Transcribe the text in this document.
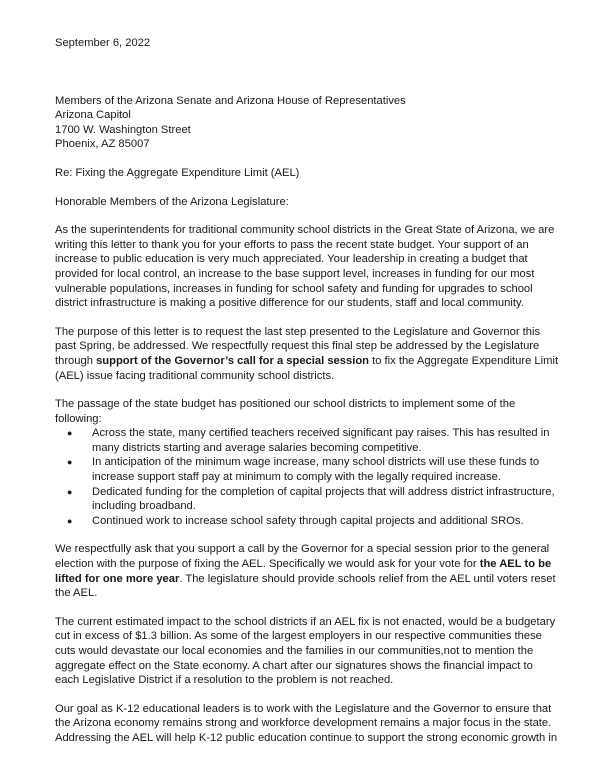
September 6, 2022

Members of the Arizona Senate and Arizona House of Representatives

Arizona Capitol

1700 W. Washington Street

Phoenix, AZ 85007

Re: Fixing the Aggregate Expenditure Limit (AEL)

Honorable Members of the Arizona Legislature:

As the superintendents for traditional community school districts in the Great State of Arizona, we are writing this letter to thank you for your efforts to pass the recent state budget. Your support of an increase to public education is very much appreciated. Your leadership in creating a budget that provided for local control, an increase to the base support level, increases in funding for our most vulnerable populations, increases in funding for school safety and funding for upgrades to school district infrastructure is making a positive difference for our students, staff and local community.

The purpose of this letter is to request the last step presented to the Legislature and Governor this past Spring, be addressed. We respectfully request this final step be addressed by the Legislature through support of the Governor’s call for a special session to fix the Aggregate Expenditure Limit (AEL) issue facing traditional community school districts.

The passage of the state budget has positioned our school districts to implement some of the following:

● Across the state, many certified teachers received significant pay raises. This has resulted in many districts starting and average salaries becoming competitive.
● In anticipation of the minimum wage increase, many school districts will use these funds to increase support staff pay at minimum to comply with the legally required increase.
● Dedicated funding for the completion of capital projects that will address district infrastructure, including broadband.
● Continued work to increase school safety through capital projects and additional SROs.

We respectfully ask that you support a call by the Governor for a special session prior to the general election with the purpose of fixing the AEL. Specifically we would ask for your vote for the AEL to be lifted for one more year. The legislature should provide schools relief from the AEL until voters reset the AEL.

The current estimated impact to the school districts if an AEL fix is not enacted, would be a budgetary cut in excess of $1.3 billion. As some of the largest employers in our respective communities these cuts would devastate our local economies and the families in our communities,not to mention the aggregate effect on the State economy. A chart after our signatures shows the financial impact to each Legislative District if a resolution to the problem is not reached.

Our goal as K-12 educational leaders is to work with the Legislature and the Governor to ensure that the Arizona economy remains strong and workforce development remains a major focus in the state. Addressing the AEL will help K-12 public education continue to support the strong economic growth in
